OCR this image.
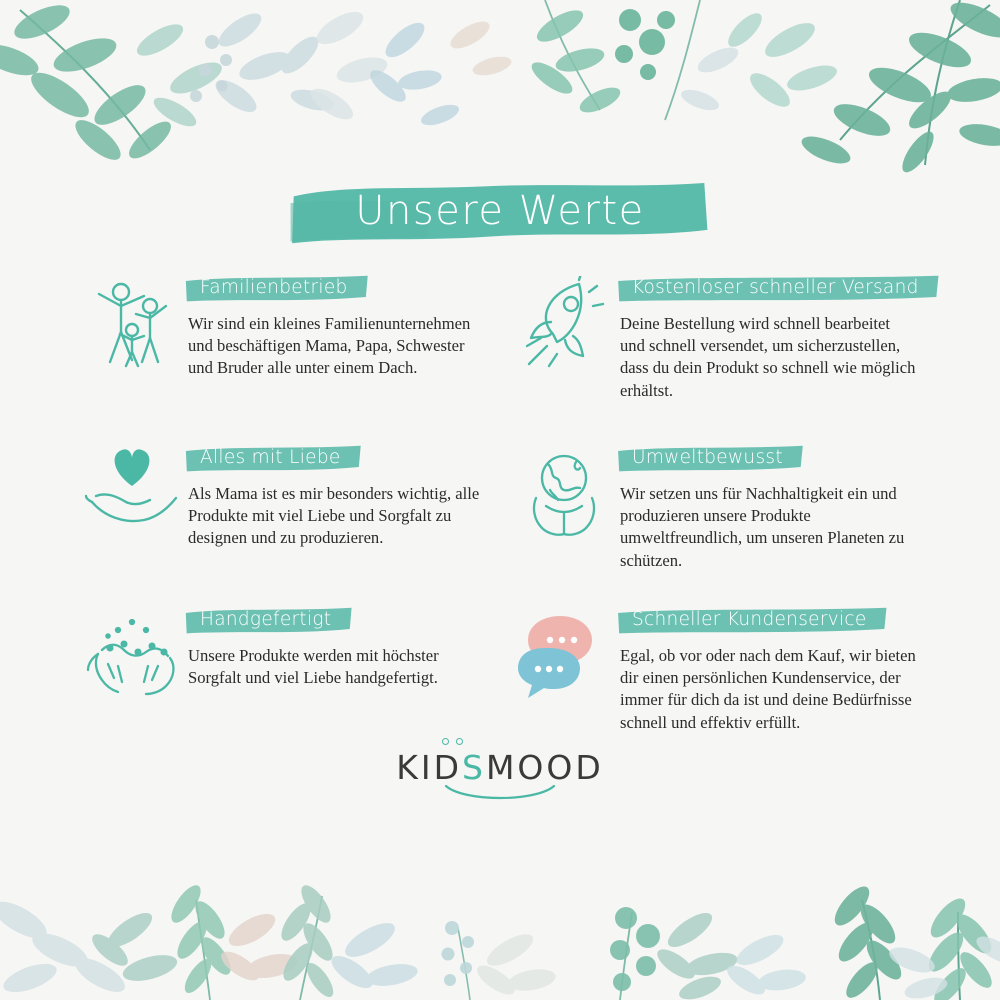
Unsere Werte
Familienbetrieb

Wir sind ein kleines Familienunternehmen und beschäftigen Mama, Papa, Schwester und Bruder alle unter einem Dach.

Kostenloser schneller Versand

Deine Bestellung wird schnell bearbeitet und schnell versendet, um sicherzustellen, dass du dein Produkt so schnell wie möglich erhältst.

Alles mit Liebe

Als Mama ist es mir besonders wichtig, alle Produkte mit viel Liebe und Sorgfalt zu designen und zu produzieren.

Umweltbewusst

Wir setzen uns für Nachhaltigkeit ein und produzieren unsere Produkte umweltfreundlich, um unseren Planeten zu schützen.

Handgefertigt

Unsere Produkte werden mit höchster Sorgfalt und viel Liebe handgefertigt.

Schneller Kundenservice

Egal, ob vor oder nach dem Kauf, wir bieten dir einen persönlichen Kundenservice, der immer für dich da ist und deine Bedürfnisse schnell und effektiv erfüllt.

KIDSMOOD
